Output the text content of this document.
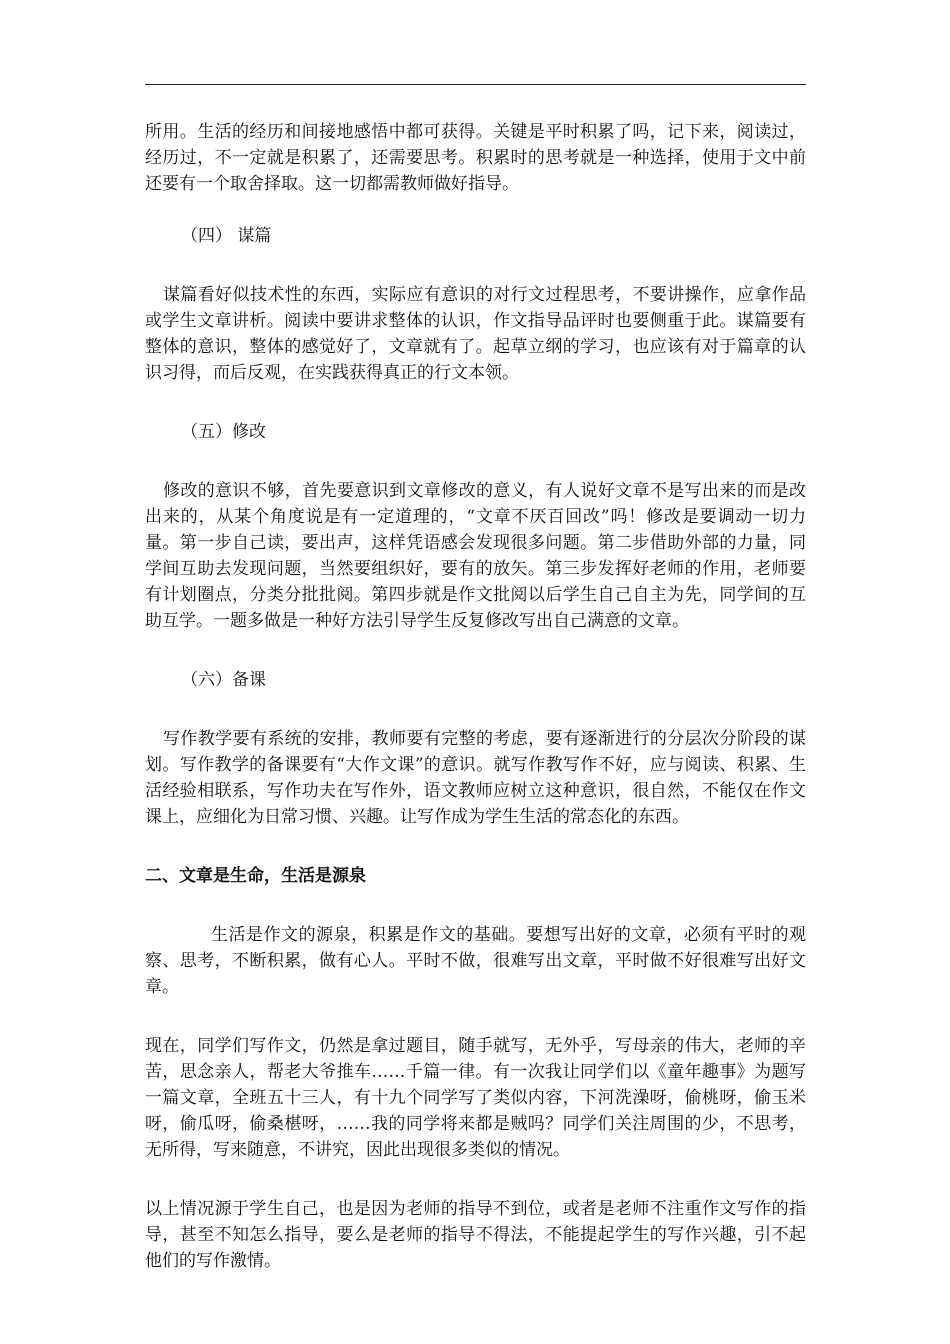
所用。生活的经历和间接地感悟中都可获得。关键是平时积累了吗，记下来，阅读过，经历过，不一定就是积累了，还需要思考。积累时的思考就是一种选择，使用于文中前还要有一个取舍择取。这一切都需教师做好指导。

（四） 谋篇

谋篇看好似技术性的东西，实际应有意识的对行文过程思考，不要讲操作，应拿作品或学生文章讲析。阅读中要讲求整体的认识，作文指导品评时也要侧重于此。谋篇要有整体的意识，整体的感觉好了，文章就有了。起草立纲的学习，也应该有对于篇章的认识习得，而后反观，在实践获得真正的行文本领。

（五）修改

修改的意识不够，首先要意识到文章修改的意义，有人说好文章不是写出来的而是改出来的，从某个角度说是有一定道理的，“文章不厌百回改”吗！修改是要调动一切力量。第一步自己读，要出声，这样凭语感会发现很多问题。第二步借助外部的力量，同学间互助去发现问题，当然要组织好，要有的放矢。第三步发挥好老师的作用，老师要有计划圈点，分类分批批阅。第四步就是作文批阅以后学生自己自主为先，同学间的互助互学。一题多做是一种好方法引导学生反复修改写出自己满意的文章。

（六）备课

写作教学要有系统的安排，教师要有完整的考虑，要有逐渐进行的分层次分阶段的谋划。写作教学的备课要有“大作文课”的意识。就写作教写作不好，应与阅读、积累、生活经验相联系，写作功夫在写作外，语文教师应树立这种意识，很自然，不能仅在作文课上，应细化为日常习惯、兴趣。让写作成为学生生活的常态化的东西。

二、文章是生命，生活是源泉

生活是作文的源泉，积累是作文的基础。要想写出好的文章，必须有平时的观察、思考，不断积累，做有心人。平时不做，很难写出文章，平时做不好很难写出好文章。

现在，同学们写作文，仍然是拿过题目，随手就写，无外乎，写母亲的伟大，老师的辛苦，思念亲人，帮老大爷推车……千篇一律。有一次我让同学们以《童年趣事》为题写一篇文章，全班五十三人，有十九个同学写了类似内容，下河洗澡呀，偷桃呀，偷玉米呀，偷瓜呀，偷桑椹呀，……我的同学将来都是贼吗？同学们关注周围的少，不思考，无所得，写来随意，不讲究，因此出现很多类似的情况。

以上情况源于学生自己，也是因为老师的指导不到位，或者是老师不注重作文写作的指导，甚至不知怎么指导，要么是老师的指导不得法，不能提起学生的写作兴趣，引不起他们的写作激情。
